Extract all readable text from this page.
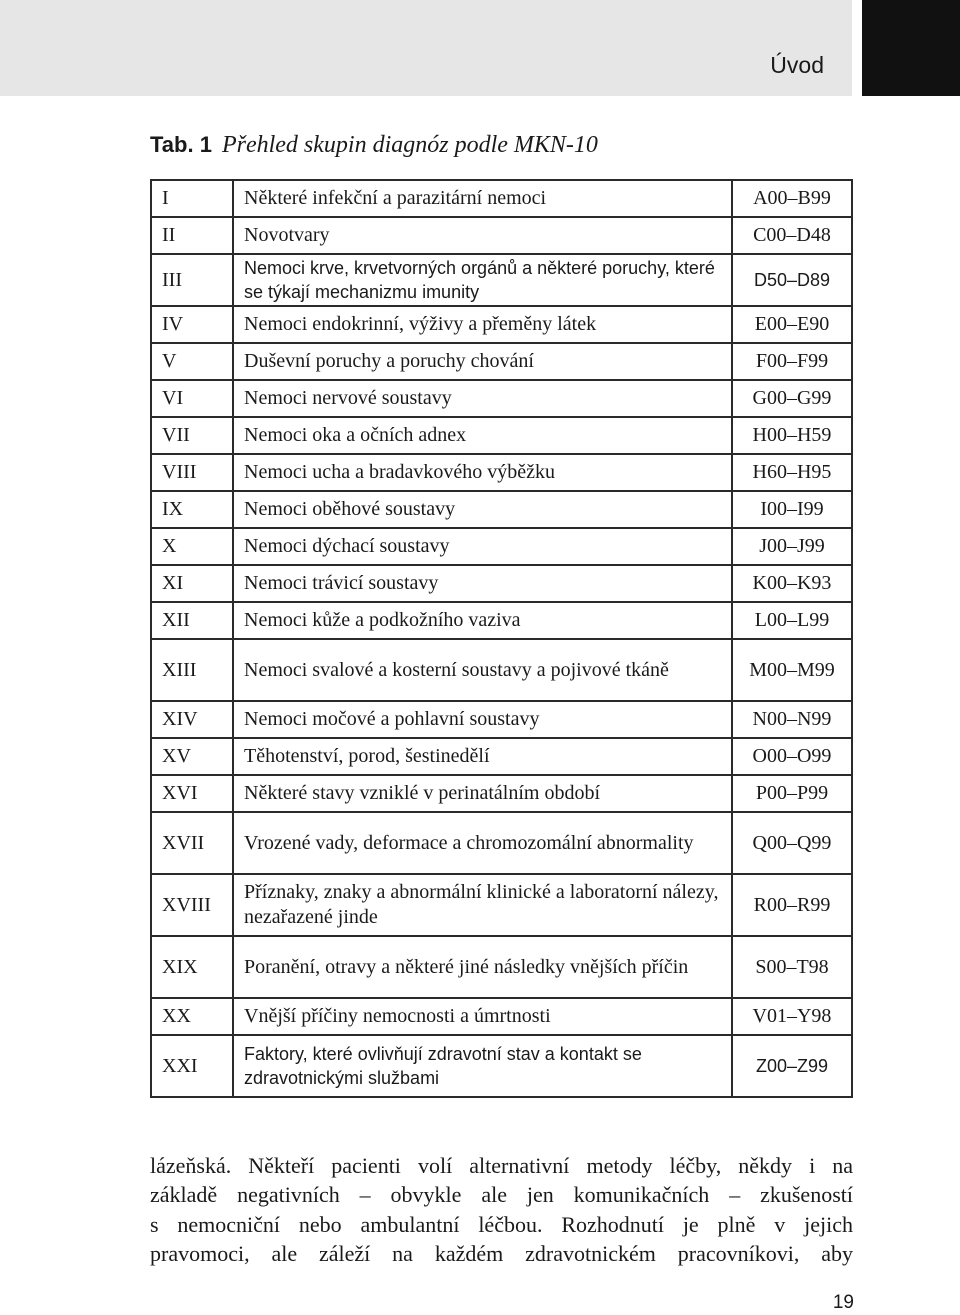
Úvod
Tab. 1 Přehled skupin diagnóz podle MKN-10
I	Některé infekční a parazitární nemoci	A00–B99
II	Novotvary	C00–D48
III	Nemoci krve, krvetvorných orgánů a některé poruchy, které se týkají mechanizmu imunity	D50–D89
IV	Nemoci endokrinní, výživy a přeměny látek	E00–E90
V	Duševní poruchy a poruchy chování	F00–F99
VI	Nemoci nervové soustavy	G00–G99
VII	Nemoci oka a očních adnex	H00–H59
VIII	Nemoci ucha a bradavkového výběžku	H60–H95
IX	Nemoci oběhové soustavy	I00–I99
X	Nemoci dýchací soustavy	J00–J99
XI	Nemoci trávicí soustavy	K00–K93
XII	Nemoci kůže a podkožního vaziva	L00–L99
XIII	Nemoci svalové a kosterní soustavy a pojivové tkáně	M00–M99
XIV	Nemoci močové a pohlavní soustavy	N00–N99
XV	Těhotenství, porod, šestinedělí	O00–O99
XVI	Některé stavy vzniklé v perinatálním období	P00–P99
XVII	Vrozené vady, deformace a chromozomální abnormality	Q00–Q99
XVIII	Příznaky, znaky a abnormální klinické a laboratorní nálezy, nezařazené jinde	R00–R99
XIX	Poranění, otravy a některé jiné následky vnějších příčin	S00–T98
XX	Vnější příčiny nemocnosti a úmrtnosti	V01–Y98
XXI	Faktory, které ovlivňují zdravotní stav a kontakt se zdravotnickými službami	Z00–Z99
lázeňská. Někteří pacienti volí alternativní metody léčby, někdy i na
základě negativních – obvykle ale jen komunikačních – zkušeností
s nemocniční nebo ambulantní léčbou. Rozhodnutí je plně v jejich
pravomoci, ale záleží na každém zdravotnickém pracovníkovi, aby
19
